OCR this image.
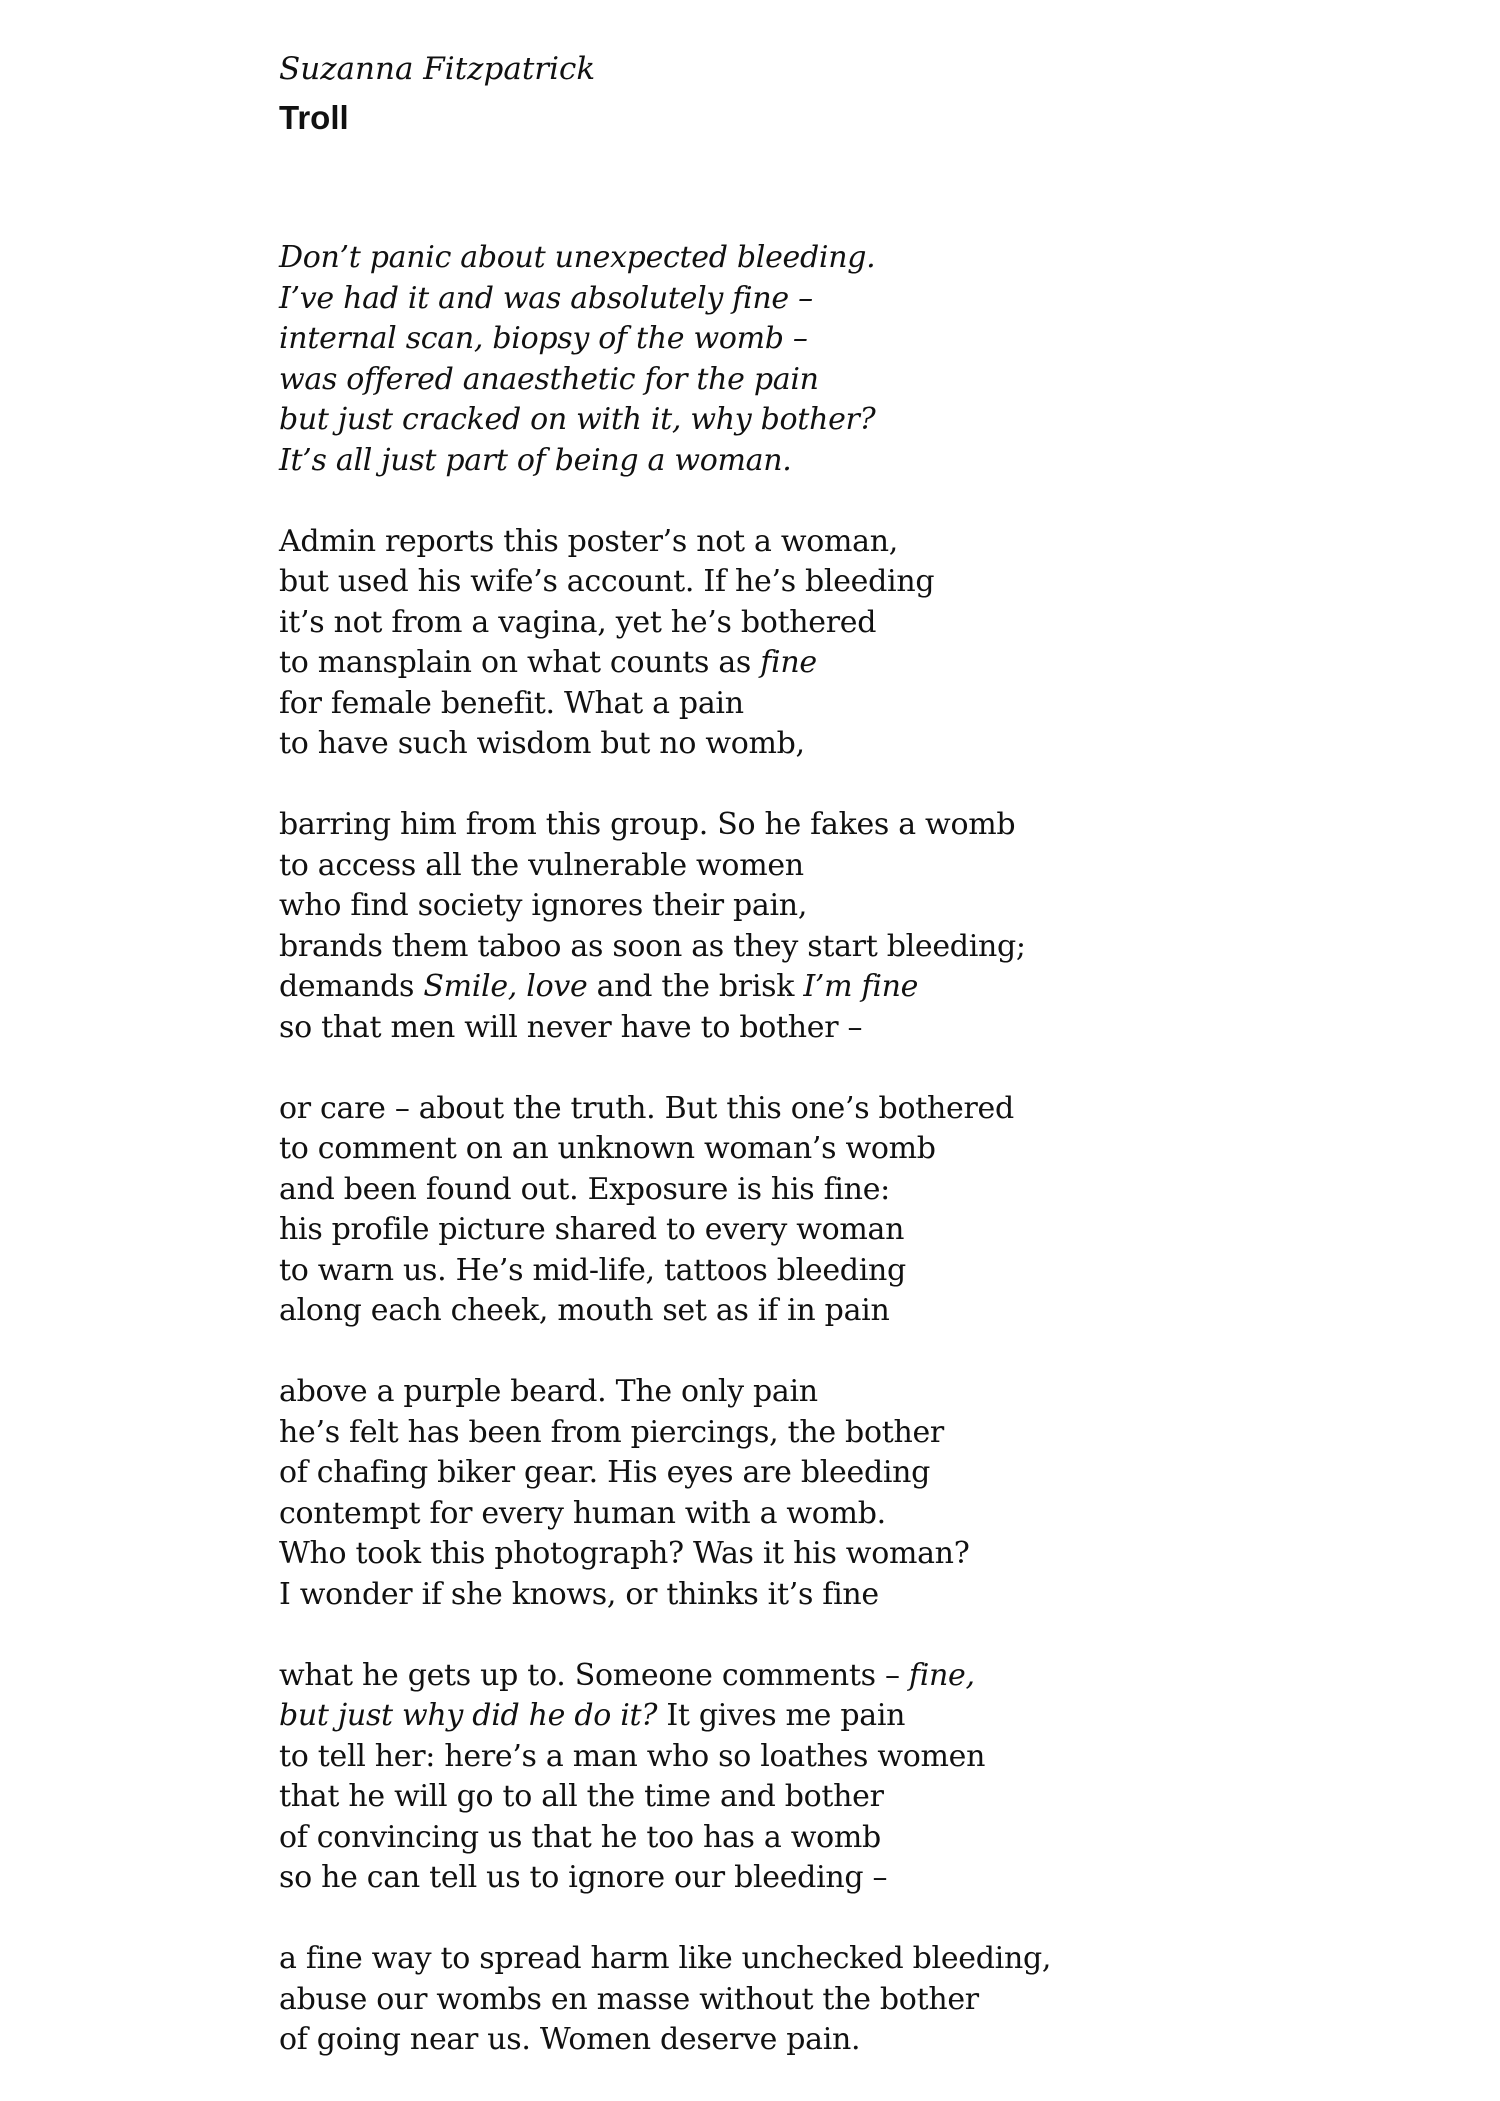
Suzanna Fitzpatrick

Troll
Don’t panic about unexpected bleeding.
I’ve had it and was absolutely fine –
internal scan, biopsy of the womb –
was offered anaesthetic for the pain
but just cracked on with it, why bother?
It’s all just part of being a woman.
Admin reports this poster’s not a woman,
but used his wife’s account. If he’s bleeding
it’s not from a vagina, yet he’s bothered
to mansplain on what counts as fine
for female benefit. What a pain
to have such wisdom but no womb,
barring him from this group. So he fakes a womb
to access all the vulnerable women
who find society ignores their pain,
brands them taboo as soon as they start bleeding;
demands Smile, love and the brisk I’m fine
so that men will never have to bother –
or care – about the truth. But this one’s bothered
to comment on an unknown woman’s womb
and been found out. Exposure is his fine:
his profile picture shared to every woman
to warn us. He’s mid-life, tattoos bleeding
along each cheek, mouth set as if in pain
above a purple beard. The only pain
he’s felt has been from piercings, the bother
of chafing biker gear. His eyes are bleeding
contempt for every human with a womb.
Who took this photograph? Was it his woman?
I wonder if she knows, or thinks it’s fine
what he gets up to. Someone comments – fine,
but just why did he do it? It gives me pain
to tell her: here’s a man who so loathes women
that he will go to all the time and bother
of convincing us that he too has a womb
so he can tell us to ignore our bleeding –
a fine way to spread harm like unchecked bleeding,
abuse our wombs en masse without the bother
of going near us. Women deserve pain.
